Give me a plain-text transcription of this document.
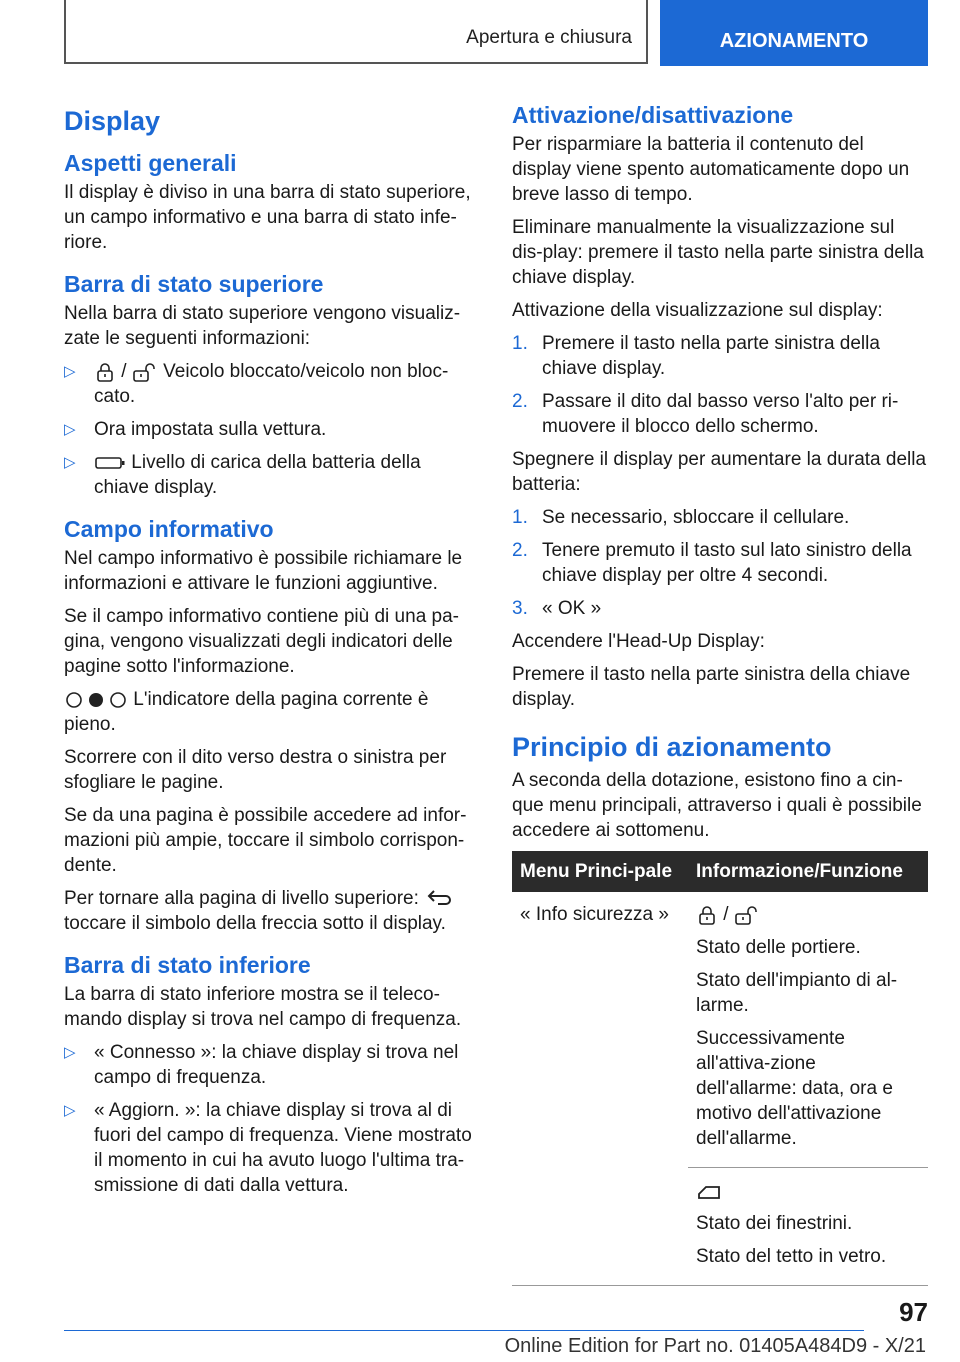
Apertura e chiusura	AZIONAMENTO
Display
Aspetti generali

Il display è diviso in una barra di stato superiore, un campo informativo e una barra di stato infe-riore.

Barra di stato superiore

Nella barra di stato superiore vengono visualiz-zate le seguenti informazioni:

▷ / Veicolo bloccato/veicolo non bloc-cato.
▷ Ora impostata sulla vettura.
▷	Livello di carica della batteria della chiave display.
Campo informativo

Nel campo informativo è possibile richiamare le informazioni e attivare le funzioni aggiuntive.

Se il campo informativo contiene più di una pa-gina, vengono visualizzati degli indicatori delle pagine sotto l'informazione.

L'indicatore della pagina corrente è pieno.

Scorrere con il dito verso destra o sinistra per sfogliare le pagine.

Se da una pagina è possibile accedere ad infor-mazioni più ampie, toccare il simbolo corrispon-dente.

Per tornare alla pagina di livello superiore:  toccare il simbolo della freccia sotto il display.

Barra di stato inferiore

La barra di stato inferiore mostra se il teleco-mando display si trova nel campo di frequenza.

▷ « Connesso »: la chiave display si trova nel campo di frequenza.
▷ « Aggiorn. »: la chiave display si trova al di fuori del campo di frequenza. Viene mostrato il momento in cui ha avuto luogo l'ultima tra-smissione di dati dalla vettura.
Attivazione/disattivazione

Per risparmiare la batteria il contenuto del display viene spento automaticamente dopo un breve lasso di tempo.

Eliminare manualmente la visualizzazione sul dis-play: premere il tasto nella parte sinistra della chiave display.

Attivazione della visualizzazione sul display:

1. Premere il tasto nella parte sinistra della chiave display.
2. Passare il dito dal basso verso l'alto per ri-muovere il blocco dello schermo.

Spegnere il display per aumentare la durata della batteria:

1. Se necessario, sbloccare il cellulare.
2. Tenere premuto il tasto sul lato sinistro della chiave display per oltre 4 secondi.
3. « OK »

Accendere l'Head-Up Display:

Premere il tasto nella parte sinistra della chiave display.

Principio di azionamento

A seconda della dotazione, esistono fino a cin-que menu principali, attraverso i quali è possibile accedere ai sottomenu.

Menu Princi-pale	Informazione/Funzione
« Info sicurezza »	/

Stato delle portiere.

Stato dell'impianto di al-larme.

Successivamente all'attiva-zione dell'allarme: data, ora e motivo dell'attivazione dell'allarme.

	Stato dei finestrini.

Stato del tetto in vetro.

97
Online Edition for Part no. 01405A484D9 - X/21
